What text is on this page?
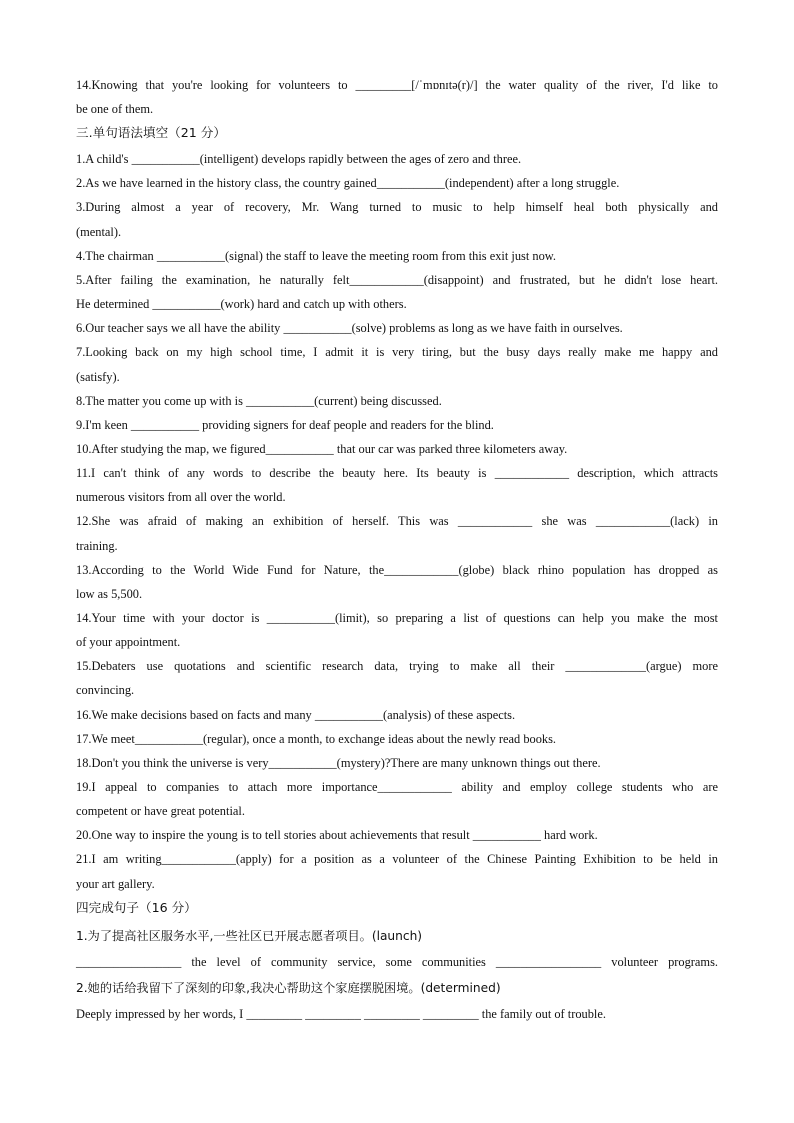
14.Knowing that you're looking for volunteers to _________[/ˈmɒnɪtə(r)/] the water quality of the river, I'd like to
be one of them.
三.单句语法填空（21 分）
1.A child's ___________(intelligent) develops rapidly between the ages of zero and three.
2.As we have learned in the history class, the country gained___________(independent) after a long struggle.
3.During almost a year of recovery, Mr. Wang turned to music to help himself heal both physically and
(mental).
4.The chairman ___________(signal) the staff to leave the meeting room from this exit just now.
5.After failing the examination, he naturally felt____________(disappoint) and frustrated, but he didn't lose heart.
He determined ___________(work) hard and catch up with others.
6.Our teacher says we all have the ability ___________(solve) problems as long as we have faith in ourselves.
7.Looking back on my high school time, I admit it is very tiring, but the busy days really make me happy and
(satisfy).
8.The matter you come up with is ___________(current) being discussed.
9.I'm keen ___________ providing signers for deaf people and readers for the blind.
10.After studying the map, we figured___________ that our car was parked three kilometers away.
11.I can't think of any words to describe the beauty here. Its beauty is ____________ description, which attracts
numerous visitors from all over the world.
12.She was afraid of making an exhibition of herself. This was ____________ she was ____________(lack) in
training.
13.According to the World Wide Fund for Nature, the____________(globe) black rhino population has dropped as
low as 5,500.
14.Your time with your doctor is ___________(limit), so preparing a list of questions can help you make the most
of your appointment.
15.Debaters use quotations and scientific research data, trying to make all their _____________(argue) more
convincing.
16.We make decisions based on facts and many ___________(analysis) of these aspects.
17.We meet___________(regular), once a month, to exchange ideas about the newly read books.
18.Don't you think the universe is very___________(mystery)?There are many unknown things out there.
19.I appeal to companies to attach more importance____________ ability and employ college students who are
competent or have great potential.
20.One way to inspire the young is to tell stories about achievements that result ___________ hard work.
21.I am writing____________(apply) for a position as a volunteer of the Chinese Painting Exhibition to be held in
your art gallery.
四完成句子（16 分）
1.为了提高社区服务水平,一些社区已开展志愿者项目。(launch)
_________________ the level of community service, some communities _________________ volunteer programs.
2.她的话给我留下了深刻的印象,我决心帮助这个家庭摆脱困境。(determined)
Deeply impressed by her words, I _________ _________ _________ _________ the family out of trouble.
